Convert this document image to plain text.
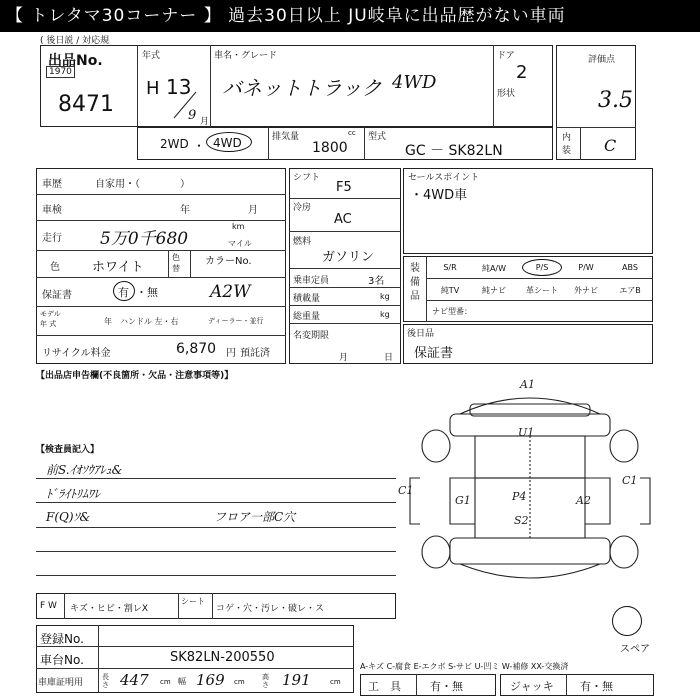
【 トレタマ30コーナー 】 過去30日以上 JU岐阜に出品歴がない車両
( 後日説 / 対応規
出品No.
1970
8471
年式
H 13
9 月
車名・グレード
バネットトラック 4WD
ドア
2
形状
評価点
3.5
内装 C
2WD ・ 4WD	排気量	cc
1800
型式
GC － SK82LN
車歴	自家用・（　　　　）
車検	年	月
走行 5万0千680
km
マイル
色 ホワイト
色替
カラーNo.
保証書	有 ・無	A2W
モデル
年 式	年 ハンドル 左・右	ディーラー・並行
リサイクル料金	6,870 円 預託済
シフト
F5
冷房
AC
燃料
ガソリン
乗車定員	3名
積載量	kg
総重量	kg
名変期限
月	日
セールスポイント
・4WD車
装備品
S/R	純A/W	P/S	P/W	ABS
純TV	純ナビ	革シート	外ナビ	エアB
ナビ型番：
後日品
保証書
【出品店申告欄(不良箇所・欠品・注意事項等)】
【検査員記入】
前S.ｲｵｿｳｱﾚｭ&
ﾄﾞﾗｲﾄﾘﾑﾜﾚ
F(Q)ｿ&	フロア一部C穴
A1
U1
C1
C1
G1	P4
S2
A2
F W キズ・ヒビ・割レX
シート
コゲ・穴・汚レ・破レ・ス
スペア
登録No.
車台No.	SK82LN-200550
車庫証明用
長さ 447 cm 幅 169 cm
高さ 191	cm
A-キズ C-腐食 E-エクボ S-サビ U-凹ミ W-補修 XX-交換済
工　具	有・無	ジャッキ 有・無
